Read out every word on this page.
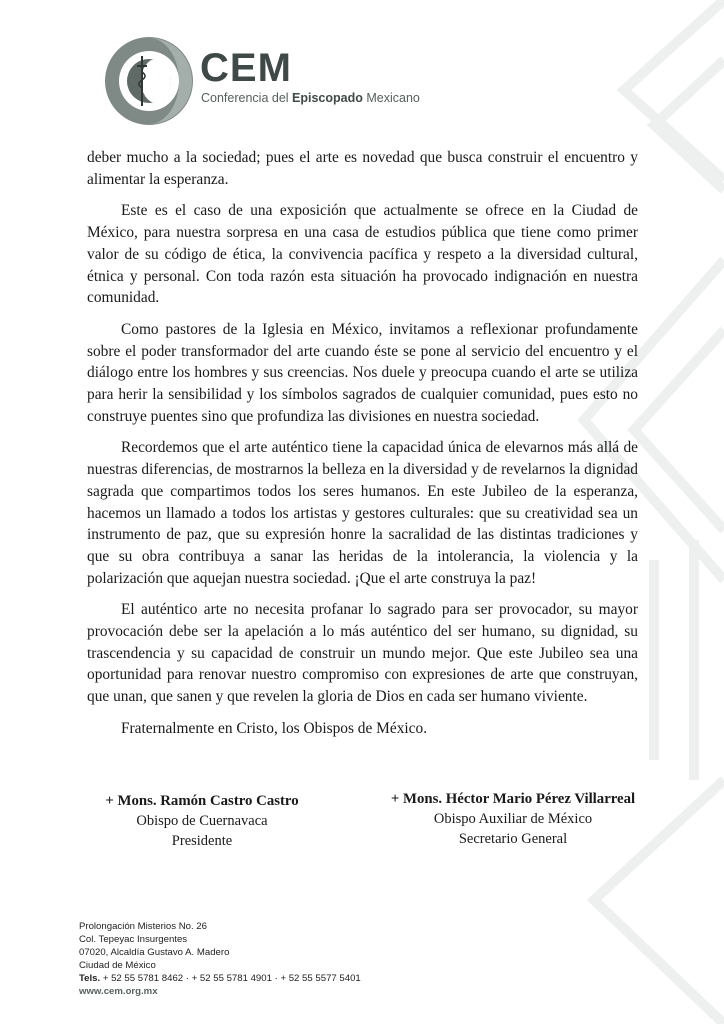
CEM
Conferencia del Episcopado Mexicano

deber mucho a la sociedad; pues el arte es novedad que busca construir el encuentro y alimentar la esperanza.

Este es el caso de una exposición que actualmente se ofrece en la Ciudad de México, para nuestra sorpresa en una casa de estudios pública que tiene como primer valor de su código de ética, la convivencia pacífica y respeto a la diversidad cultural, étnica y personal. Con toda razón esta situación ha provocado indignación en nuestra comunidad.

Como pastores de la Iglesia en México, invitamos a reflexionar profundamente sobre el poder transformador del arte cuando éste se pone al servicio del encuentro y el diálogo entre los hombres y sus creencias. Nos duele y preocupa cuando el arte se utiliza para herir la sensibilidad y los símbolos sagrados de cualquier comunidad, pues esto no construye puentes sino que profundiza las divisiones en nuestra sociedad.

Recordemos que el arte auténtico tiene la capacidad única de elevarnos más allá de nuestras diferencias, de mostrarnos la belleza en la diversidad y de revelarnos la dignidad sagrada que compartimos todos los seres humanos. En este Jubileo de la esperanza, hacemos un llamado a todos los artistas y gestores culturales: que su creatividad sea un instrumento de paz, que su expresión honre la sacralidad de las distintas tradiciones y que su obra contribuya a sanar las heridas de la intolerancia, la violencia y la polarización que aquejan nuestra sociedad. ¡Que el arte construya la paz!

El auténtico arte no necesita profanar lo sagrado para ser provocador, su mayor provocación debe ser la apelación a lo más auténtico del ser humano, su dignidad, su trascendencia y su capacidad de construir un mundo mejor. Que este Jubileo sea una oportunidad para renovar nuestro compromiso con expresiones de arte que construyan, que unan, que sanen y que revelen la gloria de Dios en cada ser humano viviente.

Fraternalmente en Cristo, los Obispos de México.

+ Mons. Ramón Castro Castro
Obispo de Cuernavaca
Presidente
+ Mons. Héctor Mario Pérez Villarreal
Obispo Auxiliar de México
Secretario General
Prolongación Misterios No. 26
Col. Tepeyac Insurgentes
07020, Alcaldía Gustavo A. Madero
Ciudad de México
Tels. + 52 55 5781 8462 · + 52 55 5781 4901 · + 52 55 5577 5401
www.cem.org.mx
